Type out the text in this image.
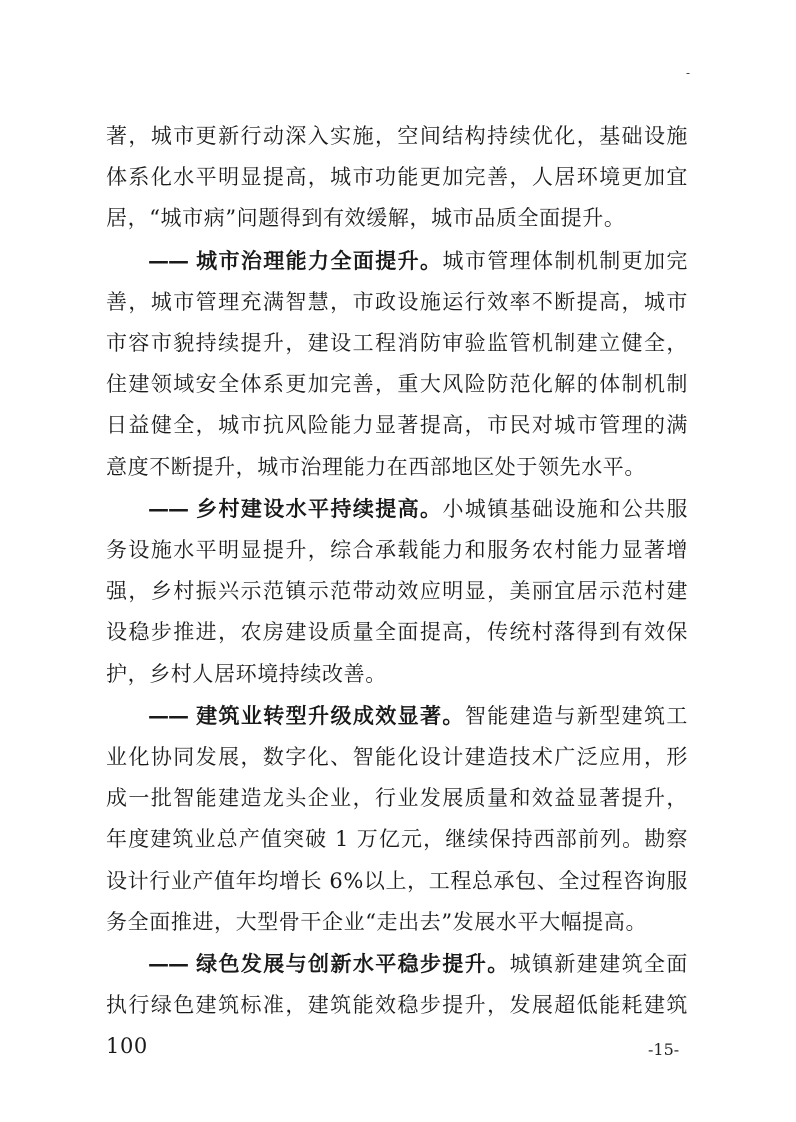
-

著，城市更新行动深入实施，空间结构持续优化，基础设施体系化水平明显提高，城市功能更加完善，人居环境更加宜居，“城市病”问题得到有效缓解，城市品质全面提升。

—— 城市治理能力全面提升。城市管理体制机制更加完善，城市管理充满智慧，市政设施运行效率不断提高，城市市容市貌持续提升，建设工程消防审验监管机制建立健全，住建领域安全体系更加完善，重大风险防范化解的体制机制日益健全，城市抗风险能力显著提高，市民对城市管理的满意度不断提升，城市治理能力在西部地区处于领先水平。

—— 乡村建设水平持续提高。小城镇基础设施和公共服务设施水平明显提升，综合承载能力和服务农村能力显著增强，乡村振兴示范镇示范带动效应明显，美丽宜居示范村建设稳步推进，农房建设质量全面提高，传统村落得到有效保护，乡村人居环境持续改善。

—— 建筑业转型升级成效显著。智能建造与新型建筑工业化协同发展，数字化、智能化设计建造技术广泛应用，形成一批智能建造龙头企业，行业发展质量和效益显著提升，年度建筑业总产值突破 1 万亿元，继续保持西部前列。勘察设计行业产值年均增长 6%以上，工程总承包、全过程咨询服务全面推进，大型骨干企业“走出去”发展水平大幅提高。

—— 绿色发展与创新水平稳步提升。城镇新建建筑全面执行绿色建筑标准，建筑能效稳步提升，发展超低能耗建筑 100	-15-
